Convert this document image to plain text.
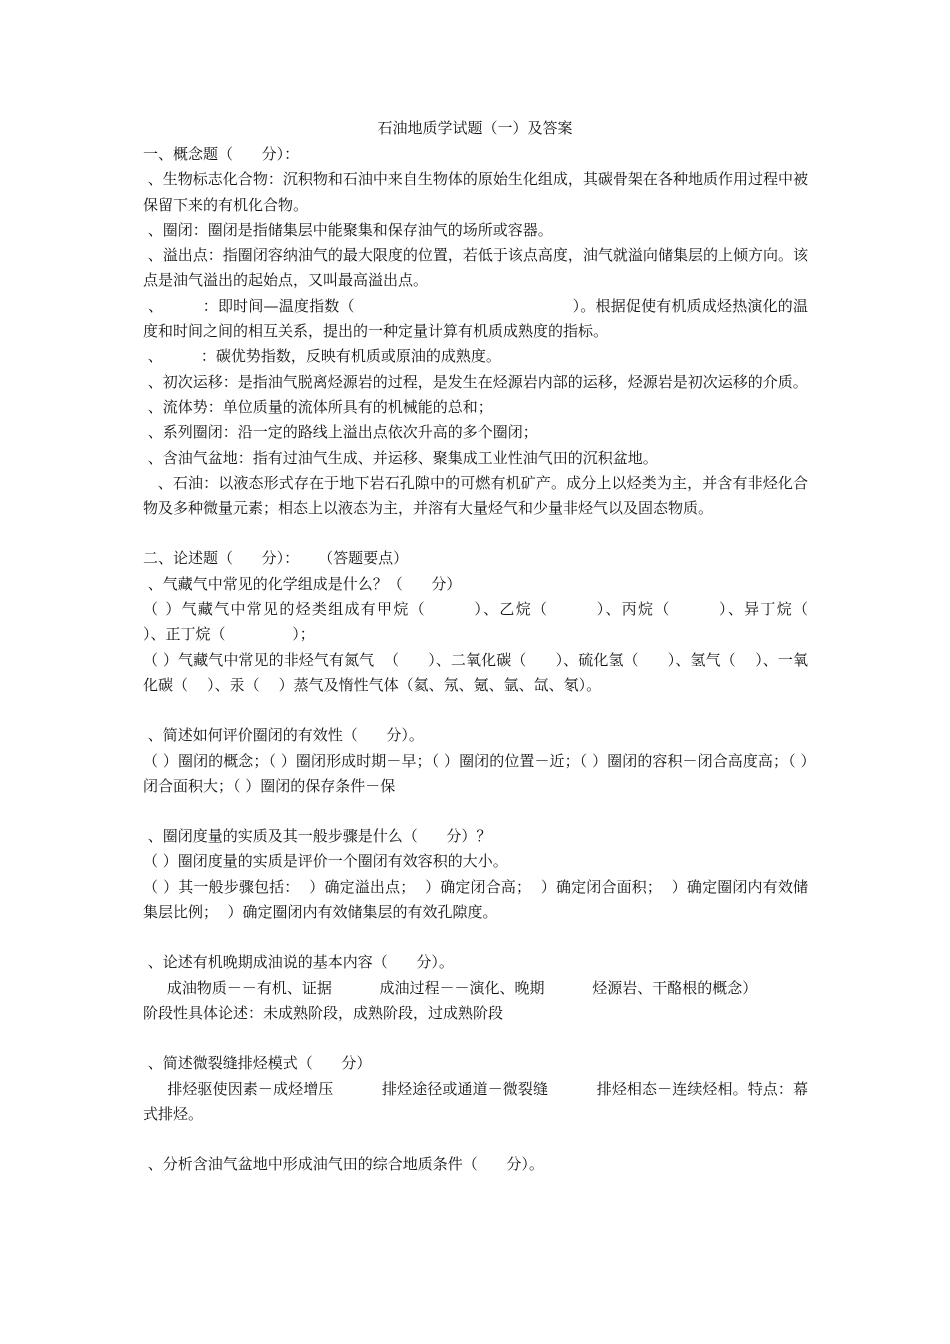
石油地质学试题（一）及答案

一、概念题（      分）：

、生物标志化合物：沉积物和石油中来自生物体的原始生化组成，其碳骨架在各种地质作用过程中被保留下来的有机化合物。

、圈闭：圈闭是指储集层中能聚集和保存油气的场所或容器。

、溢出点：指圈闭容纳油气的最大限度的位置，若低于该点高度，油气就溢向储集层的上倾方向。该点是油气溢出的起始点，又叫最高溢出点。

、        ：即时间—温度指数（                                            ）。根据促使有机质成烃热演化的温度和时间之间的相互关系，提出的一种定量计算有机质成熟度的指标。

、        ：碳优势指数，反映有机质或原油的成熟度。

、初次运移：是指油气脱离烃源岩的过程，是发生在烃源岩内部的运移，烃源岩是初次运移的介质。

、流体势：单位质量的流体所具有的机械能的总和；

、系列圈闭：沿一定的路线上溢出点依次升高的多个圈闭；

、含油气盆地：指有过油气生成、并运移、聚集成工业性油气田的沉积盆地。

、石油：以液态形式存在于地下岩石孔隙中的可燃有机矿产。成分上以烃类为主，并含有非烃化合物及多种微量元素；相态上以液态为主，并溶有大量烃气和少量非烃气以及固态物质。

二、论述题（      分）：    （答题要点）

、气藏气中常见的化学组成是什么？（      分）

（ ）气藏气中常见的烃类组成有甲烷（        ）、乙烷（        ）、丙烷（        ）、异丁烷（              ）、正丁烷（              ）；

（ ）气藏气中常见的非烃气有氮气  （      ）、二氧化碳（      ）、硫化氢（      ）、氢气（    ）、一氧化碳（    ）、汞（    ）蒸气及惰性气体（氦、氖、氪、氩、氙、氡）。

、简述如何评价圈闭的有效性（      分）。

（ ）圈闭的概念；（ ）圈闭形成时期－早；（ ）圈闭的位置－近；（ ）圈闭的容积－闭合高度高；（ ）闭合面积大；（ ）圈闭的保存条件－保

、圈闭度量的实质及其一般步骤是什么（      分）？

（ ）圈闭度量的实质是评价一个圈闭有效容积的大小。

（ ）其一般步骤包括：  ）确定溢出点；  ）确定闭合高；  ）确定闭合面积；  ）确定圈闭内有效储集层比例；  ）确定圈闭内有效储集层的有效孔隙度。

、论述有机晚期成油说的基本内容（      分）。

成油物质－－有机、证据          成油过程－－演化、晚期          烃源岩、干酪根的概念）

阶段性具体论述：未成熟阶段，成熟阶段，过成熟阶段

、简述微裂缝排烃模式（      分）

排烃驱使因素－成烃增压          排烃途径或通道－微裂缝          排烃相态－连续烃相。特点：幕式排烃。

、分析含油气盆地中形成油气田的综合地质条件（      分）。
